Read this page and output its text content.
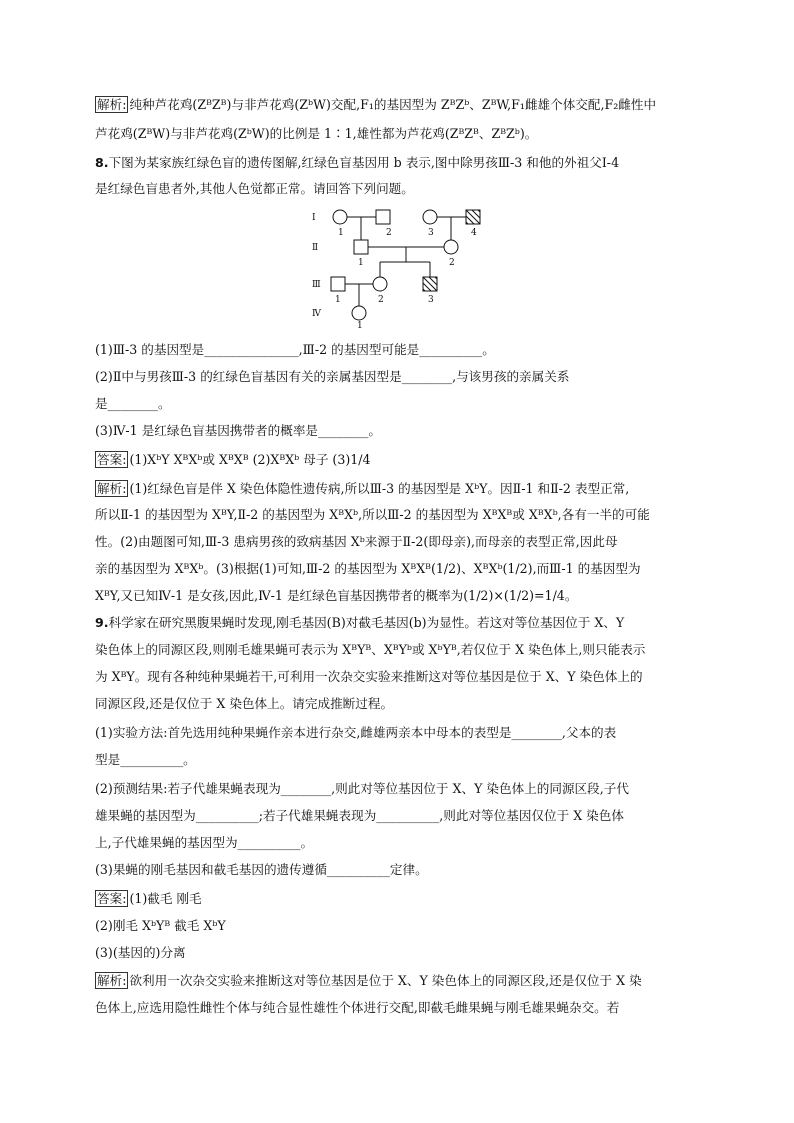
解析: 纯种芦花鸡(ZᴮZᴮ)与非芦花鸡(ZᵇW)交配,F₁的基因型为 ZᴮZᵇ、ZᴮW,F₁雌雄个体交配,F₂雌性中
芦花鸡(ZᴮW)与非芦花鸡(ZᵇW)的比例是 1∶1,雄性都为芦花鸡(ZᴮZᴮ、ZᴮZᵇ)。
8.下图为某家族红绿色盲的遗传图解,红绿色盲基因用 b 表示,图中除男孩Ⅲ-3 和他的外祖父Ⅰ-4
是红绿色盲患者外,其他人色觉都正常。请回答下列问题。
Ⅰ
Ⅱ
Ⅲ
Ⅳ
1	2	3	4
1	2
1	2	3
1
(1)Ⅲ-3 的基因型是_______________,Ⅲ-2 的基因型可能是__________。
(2)Ⅱ中与男孩Ⅲ-3 的红绿色盲基因有关的亲属基因型是________,与该男孩的亲属关系
是________。
(3)Ⅳ-1 是红绿色盲基因携带者的概率是________。
答案: (1)XᵇY XᴮXᵇ或 XᴮXᴮ (2)XᴮXᵇ 母子 (3)1/4
解析: (1)红绿色盲是伴 X 染色体隐性遗传病,所以Ⅲ-3 的基因型是 XᵇY。因Ⅱ-1 和Ⅱ-2 表型正常,
所以Ⅱ-1 的基因型为 XᴮY,Ⅱ-2 的基因型为 XᴮXᵇ,所以Ⅲ-2 的基因型为 XᴮXᴮ或 XᴮXᵇ,各有一半的可能
性。(2)由题图可知,Ⅲ-3 患病男孩的致病基因 Xᵇ来源于Ⅱ-2(即母亲),而母亲的表型正常,因此母
亲的基因型为 XᴮXᵇ。(3)根据(1)可知,Ⅲ-2 的基因型为 XᴮXᴮ(1/2)、XᴮXᵇ(1/2),而Ⅲ-1 的基因型为
XᴮY,又已知Ⅳ-1 是女孩,因此,Ⅳ-1 是红绿色盲基因携带者的概率为(1/2)×(1/2)=1/4。
9.科学家在研究黑腹果蝇时发现,刚毛基因(B)对截毛基因(b)为显性。若这对等位基因位于 X、Y
染色体上的同源区段,则刚毛雄果蝇可表示为 XᴮYᴮ、XᴮYᵇ或 XᵇYᴮ,若仅位于 X 染色体上,则只能表示
为 XᴮY。现有各种纯种果蝇若干,可利用一次杂交实验来推断这对等位基因是位于 X、Y 染色体上的
同源区段,还是仅位于 X 染色体上。请完成推断过程。
(1)实验方法:首先选用纯种果蝇作亲本进行杂交,雌雄两亲本中母本的表型是________,父本的表
型是__________。
(2)预测结果:若子代雄果蝇表现为________,则此对等位基因位于 X、Y 染色体上的同源区段,子代
雄果蝇的基因型为__________;若子代雄果蝇表现为__________,则此对等位基因仅位于 X 染色体
上,子代雄果蝇的基因型为__________。
(3)果蝇的刚毛基因和截毛基因的遗传遵循__________定律。
答案: (1)截毛 刚毛
(2)刚毛 XᵇYᴮ 截毛 XᵇY
(3)(基因的)分离
解析: 欲利用一次杂交实验来推断这对等位基因是位于 X、Y 染色体上的同源区段,还是仅位于 X 染
色体上,应选用隐性雌性个体与纯合显性雄性个体进行交配,即截毛雌果蝇与刚毛雄果蝇杂交。若
